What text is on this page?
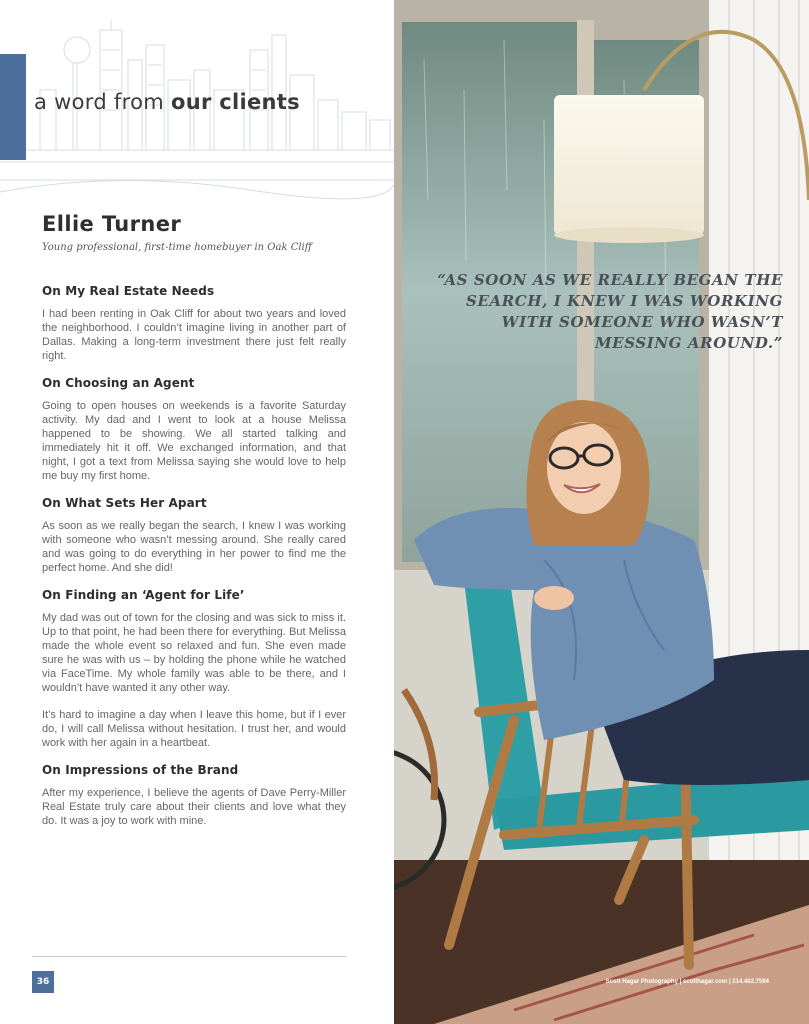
a word from our clients
Ellie Turner

Young professional, first-time homebuyer in Oak Cliff

On My Real Estate Needs

I had been renting in Oak Cliff for about two years and loved the neighborhood. I couldn’t imagine living in another part of Dallas. Making a long-term investment there just felt really right.

On Choosing an Agent

Going to open houses on weekends is a favorite Saturday activity. My dad and I went to look at a house Melissa happened to be showing. We all started talking and immediately hit it off. We exchanged information, and that night, I got a text from Melissa saying she would love to help me buy my first home.

On What Sets Her Apart

As soon as we really began the search, I knew I was working with someone who wasn’t messing around. She really cared and was going to do everything in her power to find me the perfect home. And she did!

On Finding an ‘Agent for Life’

My dad was out of town for the closing and was sick to miss it. Up to that point, he had been there for everything. But Melissa made the whole event so relaxed and fun. She even made sure he was with us – by holding the phone while he watched via FaceTime. My whole family was able to be there, and I wouldn’t have wanted it any other way.

It’s hard to imagine a day when I leave this home, but if I ever do, I will call Melissa without hesitation. I trust her, and would work with her again in a heartbeat.

On Impressions of the Brand

After my experience, I believe the agents of Dave Perry-Miller Real Estate truly care about their clients and love what they do. It was a joy to work with mine.

36

“AS SOON AS WE REALLY BEGAN THE SEARCH, I KNEW I WAS WORKING WITH SOMEONE WHO WASN’T MESSING AROUND.”

Scott Hagar Photography | scotthagar.com | 214.402.7594
